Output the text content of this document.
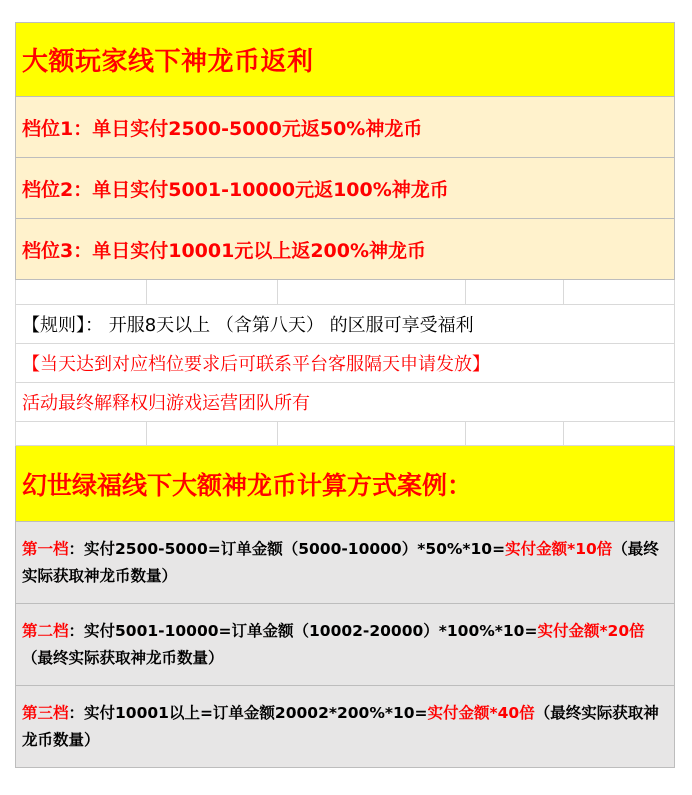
大额玩家线下神龙币返利
档位1：单日实付2500-5000元返50%神龙币
档位2：单日实付5001-10000元返100%神龙币
档位3：单日实付10001元以上返200%神龙币
【规则】： 开服8天以上 （含第八天） 的区服可享受福利
【当天达到对应档位要求后可联系平台客服隔天申请发放】
活动最终解释权归游戏运营团队所有
幻世绿福线下大额神龙币计算方式案例：

第一档：实付2500-5000=订单金额（5000-10000）*50%*10=实付金额*10倍（最终实际获取神龙币数量）

第二档：实付5001-10000=订单金额（10002-20000）*100%*10=实付金额*20倍（最终实际获取神龙币数量）

第三档：实付10001以上=订单金额20002*200%*10=实付金额*40倍（最终实际获取神龙币数量）
